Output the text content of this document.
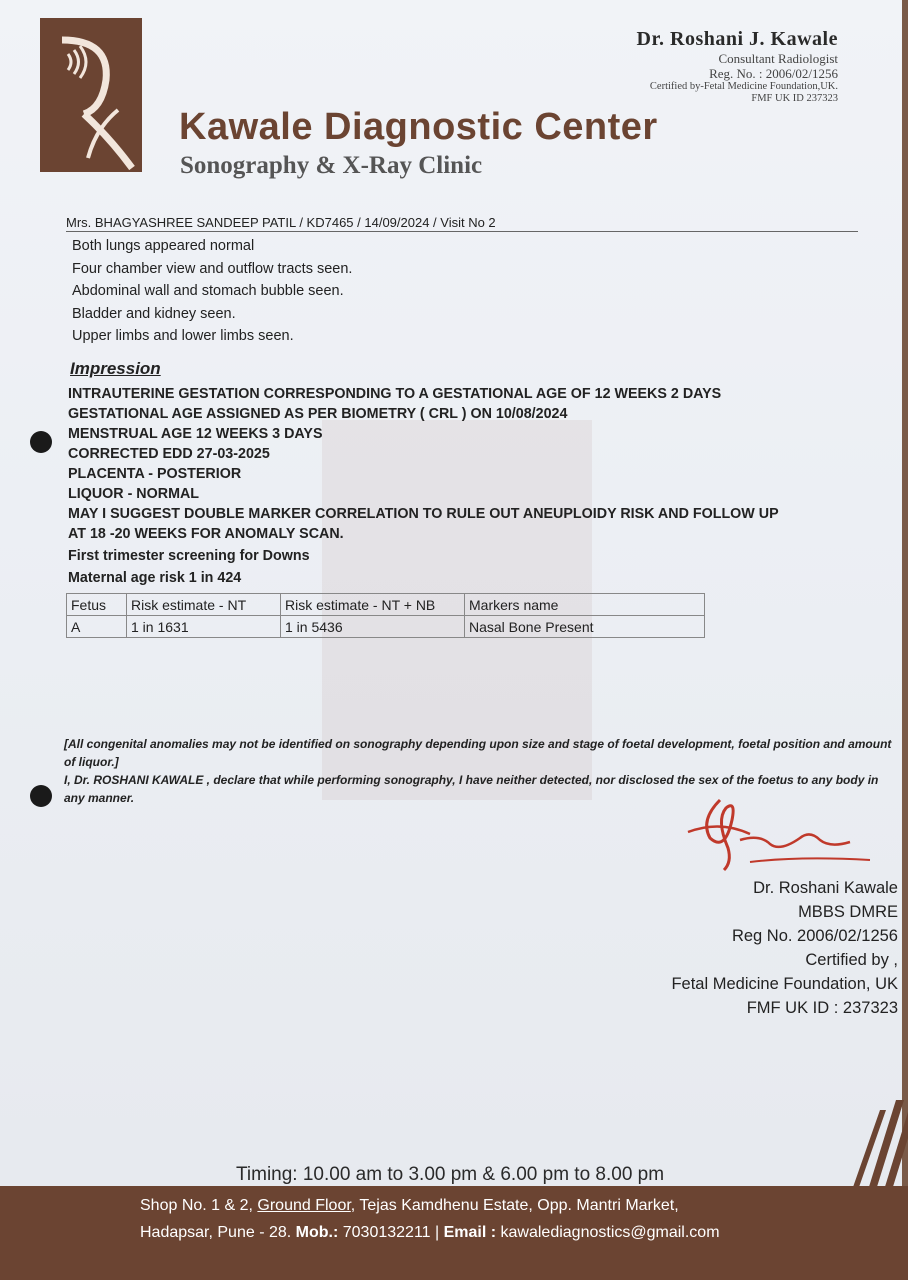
Dr. Roshani J. Kawale
Consultant Radiologist
Reg. No. : 2006/02/1256
Certified by-Fetal Medicine Foundation,UK.
FMF UK ID 237323
Kawale Diagnostic Center
Sonography & X-Ray Clinic
Mrs. BHAGYASHREE SANDEEP PATIL / KD7465 / 14/09/2024 / Visit No 2
Both lungs appeared normal
Four chamber view and outflow tracts seen.
Abdominal wall and stomach bubble seen.
Bladder and kidney seen.
Upper limbs and lower limbs seen.
Impression
INTRAUTERINE GESTATION CORRESPONDING TO A GESTATIONAL AGE OF 12 WEEKS 2 DAYS
GESTATIONAL AGE ASSIGNED AS PER BIOMETRY ( CRL ) ON 10/08/2024
MENSTRUAL AGE 12 WEEKS 3 DAYS
CORRECTED EDD 27-03-2025
PLACENTA - POSTERIOR
LIQUOR - NORMAL
MAY I SUGGEST DOUBLE MARKER CORRELATION TO RULE OUT ANEUPLOIDY RISK AND FOLLOW UP
AT 18 -20 WEEKS FOR ANOMALY SCAN.
First trimester screening for Downs
Maternal age risk 1 in 424
Fetus	Risk estimate - NT	Risk estimate - NT + NB	Markers name
A	1 in 1631	1 in 5436	Nasal Bone Present
[All congenital anomalies may not be identified on sonography depending upon size and stage of foetal development, foetal position and amount of liquor.]
I, Dr. ROSHANI KAWALE , declare that while performing sonography, I have neither detected, nor disclosed the sex of the foetus to any body in any manner.
Dr. Roshani Kawale
MBBS DMRE
Reg No. 2006/02/1256
Certified by ,
Fetal Medicine Foundation, UK
FMF UK ID : 237323
Timing: 10.00 am to 3.00 pm & 6.00 pm to 8.00 pm
Shop No. 1 & 2, Ground Floor, Tejas Kamdhenu Estate, Opp. Mantri Market,
Hadapsar, Pune - 28. Mob.: 7030132211 | Email : kawalediagnostics@gmail.com
